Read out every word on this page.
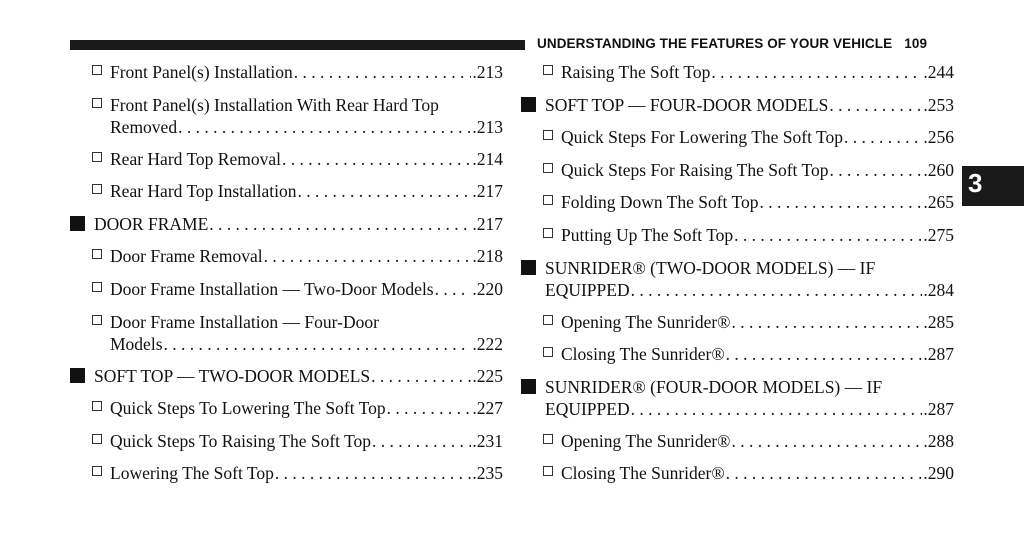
UNDERSTANDING THE FEATURES OF YOUR VEHICLE 109
3
Front Panel(s) Installation . . .	.213
Front Panel(s) Installation With Rear Hard Top
Removed . . .	.213
Rear Hard Top Removal . . .	.214
Rear Hard Top Installation . . .	.217
DOOR FRAME . . .	.217
Door Frame Removal . . .	.218
Door Frame Installation — Two-Door Models . . . .220
Door Frame Installation — Four-Door
Models . . .	.222
SOFT TOP — TWO-DOOR MODELS . . .	.225
Quick Steps To Lowering The Soft Top . . .	.227
Quick Steps To Raising The Soft Top . . .	.231
Lowering The Soft Top . . .	.235
Raising The Soft Top . . .	.244
SOFT TOP — FOUR-DOOR MODELS . . .	.253
Quick Steps For Lowering The Soft Top . . .	.256
Quick Steps For Raising The Soft Top . . .	.260
Folding Down The Soft Top . . .	.265
Putting Up The Soft Top . . .	.275
SUNRIDER® (TWO-DOOR MODELS) — IF
EQUIPPED . . .	.284
Opening The Sunrider® . . .	.285
Closing The Sunrider® . . .	.287
SUNRIDER® (FOUR-DOOR MODELS) — IF
EQUIPPED . . .	.287
Opening The Sunrider® . . .	.288
Closing The Sunrider® . . .	.290
